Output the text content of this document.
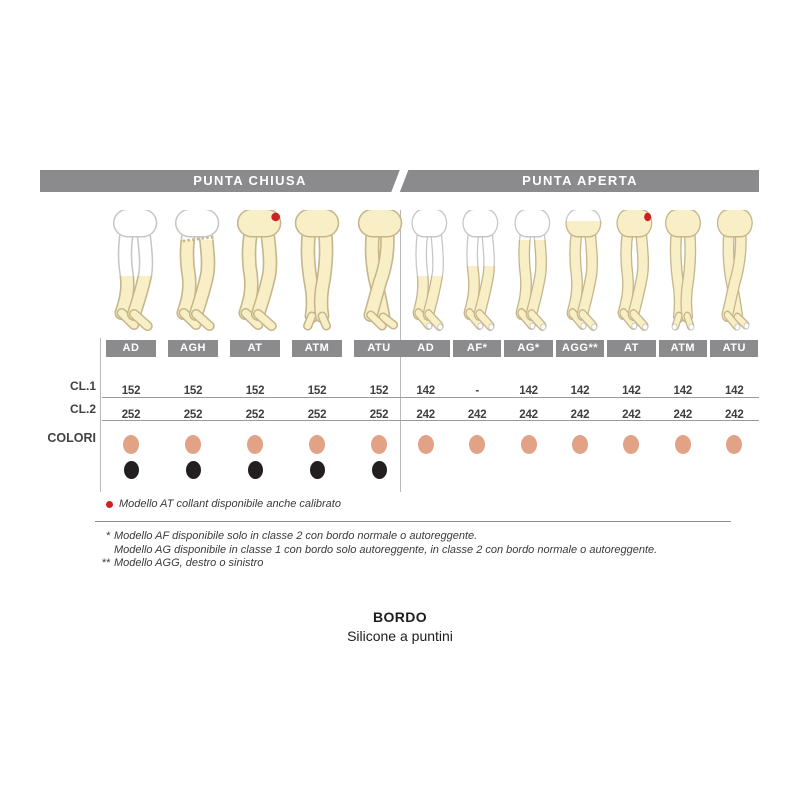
PUNTA CHIUSA	PUNTA APERTA
CL.1
CL.2
COLORI
AD
152
252
AGH
152
252
AT
152
252
ATM
152
252
ATU
152
252
AD
142
242
AF*
-
242
AG*
142
242
AGG**
142
242
AT
142
242
ATM
142
242
ATU
142
242
Modello AT collant disponibile anche calibrato
* Modello AF disponibile solo in classe 2 con bordo normale o autoreggente.
Modello AG disponibile in classe 1 con bordo solo autoreggente, in classe 2 con bordo normale o autoreggente.
** Modello AGG, destro o sinistro
BORDO
Silicone a puntini
